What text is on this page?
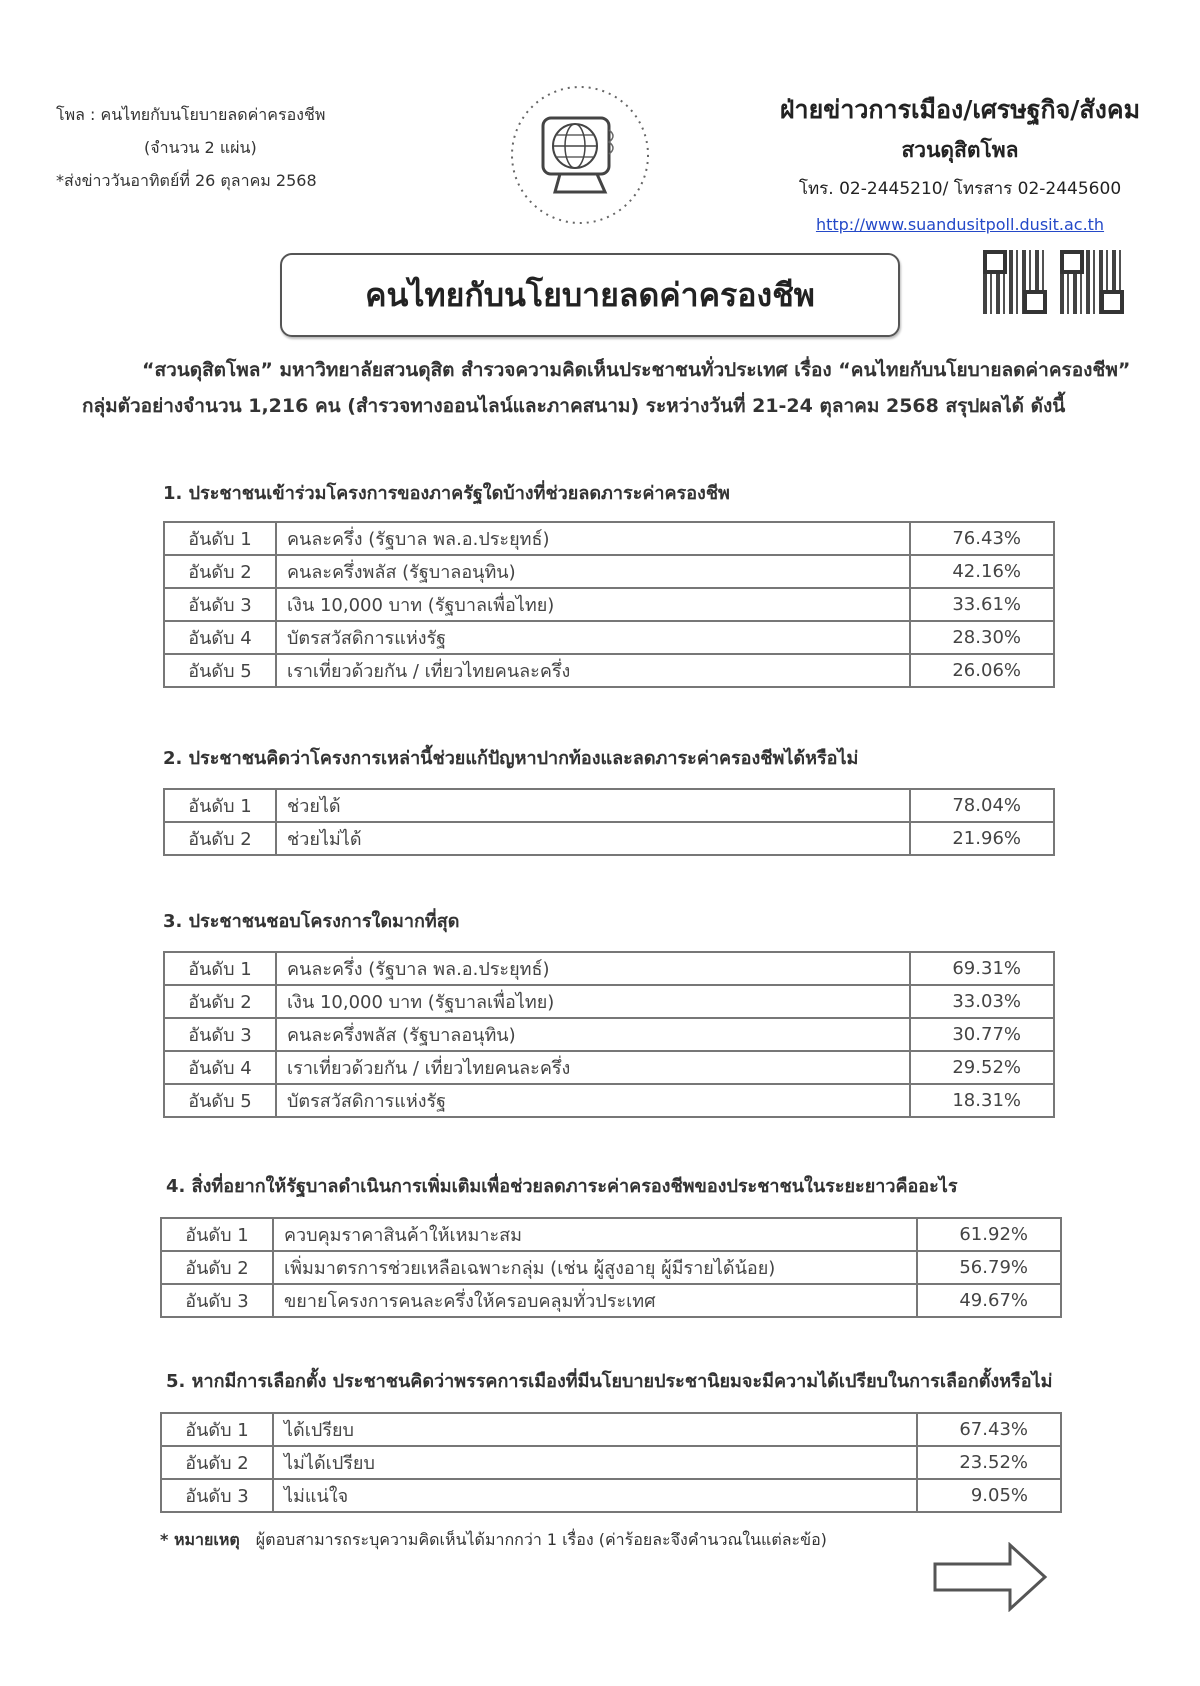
โพล : คนไทยกับนโยบายลดค่าครองชีพ
(จำนวน 2 แผ่น)
*ส่งข่าววันอาทิตย์ที่ 26 ตุลาคม 2568
ฝ่ายข่าวการเมือง/เศรษฐกิจ/สังคม
สวนดุสิตโพล
โทร. 02-2445210/ โทรสาร 02-2445600
http://www.suandusitpoll.dusit.ac.th
คนไทยกับนโยบายลดค่าครองชีพ
“สวนดุสิตโพล” มหาวิทยาลัยสวนดุสิต สำรวจความคิดเห็นประชาชนทั่วประเทศ เรื่อง “คนไทยกับนโยบายลดค่าครองชีพ” กลุ่มตัวอย่างจำนวน 1,216 คน (สำรวจทางออนไลน์และภาคสนาม) ระหว่างวันที่ 21-24 ตุลาคม 2568 สรุปผลได้ ดังนี้
1. ประชาชนเข้าร่วมโครงการของภาครัฐใดบ้างที่ช่วยลดภาระค่าครองชีพ
อันดับ 1	คนละครึ่ง (รัฐบาล พล.อ.ประยุทธ์)	76.43%
อันดับ 2	คนละครึ่งพลัส (รัฐบาลอนุทิน)	42.16%
อันดับ 3	เงิน 10,000 บาท (รัฐบาลเพื่อไทย)	33.61%
อันดับ 4	บัตรสวัสดิการแห่งรัฐ	28.30%
อันดับ 5	เราเที่ยวด้วยกัน / เที่ยวไทยคนละครึ่ง	26.06%
2. ประชาชนคิดว่าโครงการเหล่านี้ช่วยแก้ปัญหาปากท้องและลดภาระค่าครองชีพได้หรือไม่
อันดับ 1	ช่วยได้	78.04%
อันดับ 2	ช่วยไม่ได้	21.96%
3. ประชาชนชอบโครงการใดมากที่สุด
อันดับ 1	คนละครึ่ง (รัฐบาล พล.อ.ประยุทธ์)	69.31%
อันดับ 2	เงิน 10,000 บาท (รัฐบาลเพื่อไทย)	33.03%
อันดับ 3	คนละครึ่งพลัส (รัฐบาลอนุทิน)	30.77%
อันดับ 4	เราเที่ยวด้วยกัน / เที่ยวไทยคนละครึ่ง	29.52%
อันดับ 5	บัตรสวัสดิการแห่งรัฐ	18.31%
4. สิ่งที่อยากให้รัฐบาลดำเนินการเพิ่มเติมเพื่อช่วยลดภาระค่าครองชีพของประชาชนในระยะยาวคืออะไร
อันดับ 1	ควบคุมราคาสินค้าให้เหมาะสม	61.92%
อันดับ 2	เพิ่มมาตรการช่วยเหลือเฉพาะกลุ่ม (เช่น ผู้สูงอายุ ผู้มีรายได้น้อย)	56.79%
อันดับ 3	ขยายโครงการคนละครึ่งให้ครอบคลุมทั่วประเทศ	49.67%
5. หากมีการเลือกตั้ง ประชาชนคิดว่าพรรคการเมืองที่มีนโยบายประชานิยมจะมีความได้เปรียบในการเลือกตั้งหรือไม่
อันดับ 1	ได้เปรียบ	67.43%
อันดับ 2	ไม่ได้เปรียบ	23.52%
อันดับ 3	ไม่แน่ใจ	9.05%
* หมายเหตุ ผู้ตอบสามารถระบุความคิดเห็นได้มากกว่า 1 เรื่อง (ค่าร้อยละจึงคำนวณในแต่ละข้อ)
